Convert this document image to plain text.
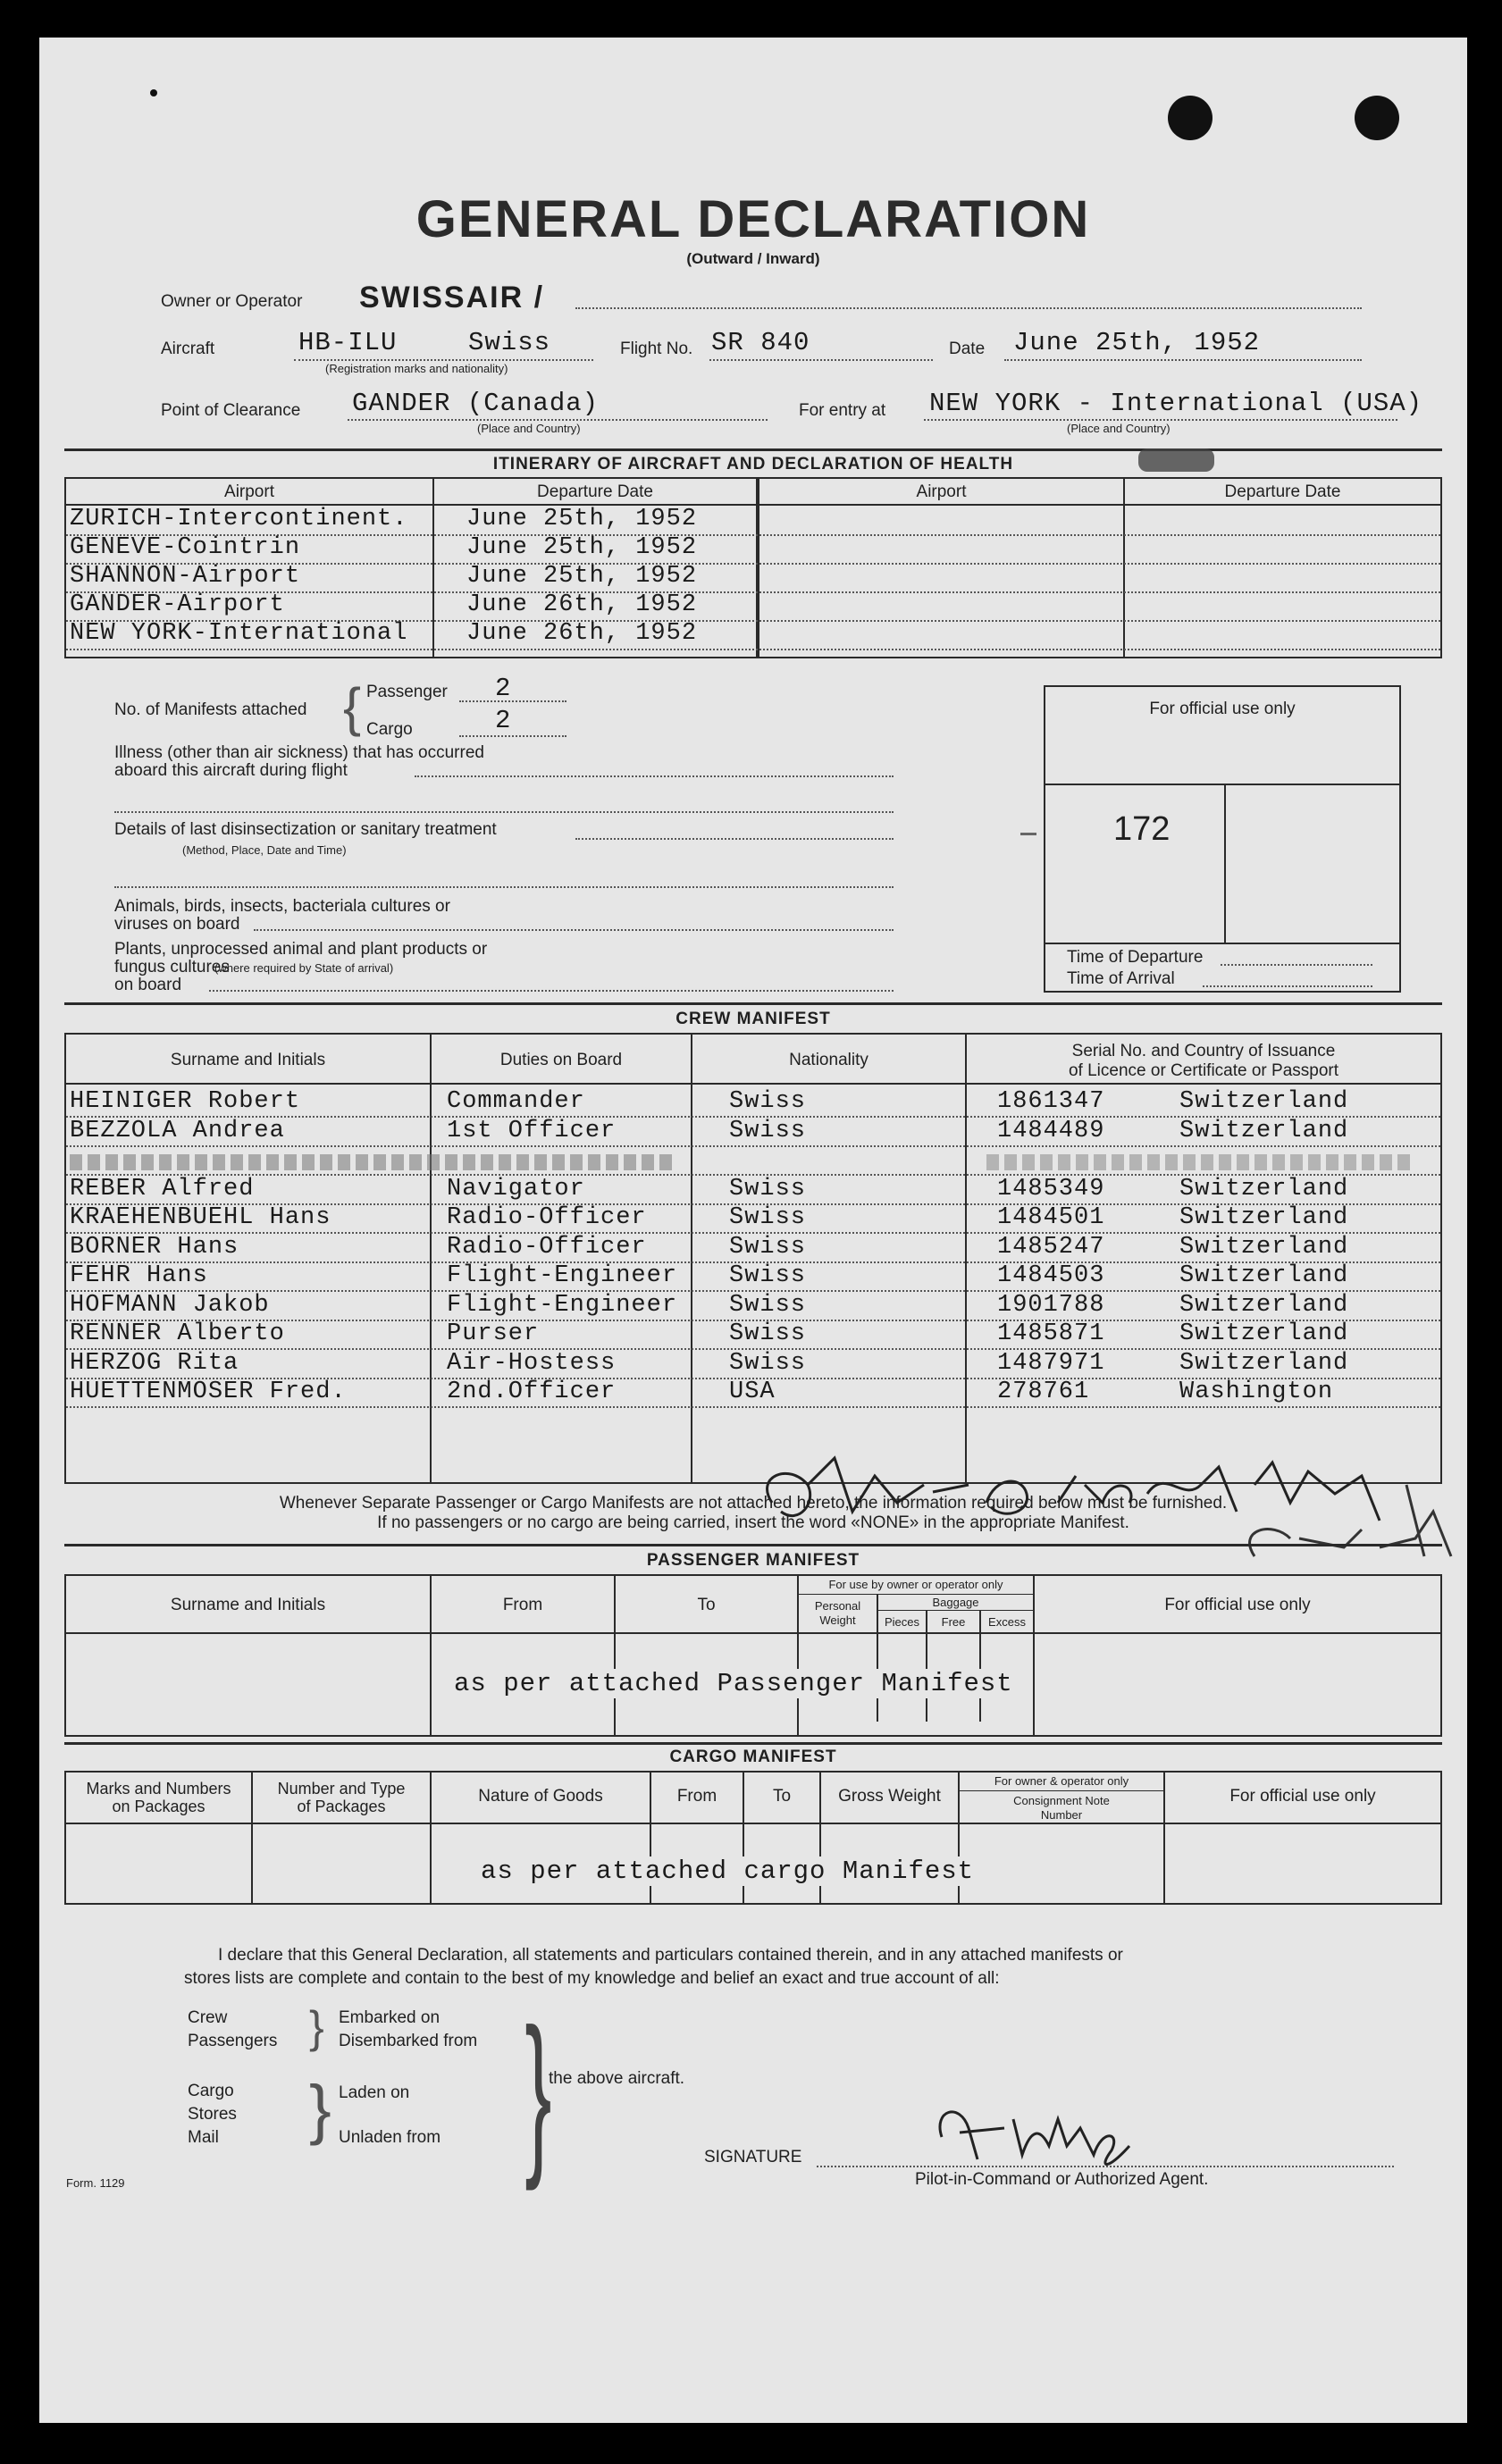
GENERAL DECLARATION
(Outward / Inward)
Owner or Operator SWISSAIR /
Aircraft	HB-ILU	Swiss
(Registration marks and nationality)
Flight No. SR 840	Date June 25th, 1952
Point of Clearance GANDER (Canada)
(Place and Country)
For entry at NEW YORK - International (USA)
(Place and Country)
ITINERARY OF AIRCRAFT AND DECLARATION OF HEALTH
Airport	Departure Date	Airport	Departure Date
ZURICH-Intercontinent. June 25th, 1952
GENEVE-Cointrin	June 25th, 1952
SHANNON-Airport	June 25th, 1952
GANDER-Airport	June 26th, 1952
NEW YORK-International June 26th, 1952
No. of Manifests attached { Passenger 2
Cargo	2
Illness (other than air sickness) that has occurred
aboard this aircraft during flight
Details of last disinsectization or sanitary treatment
(Method, Place, Date and Time)
Animals, birds, insects, bacteriala cultures or
viruses on board
Plants, unprocessed animal and plant products or
fungus cultures
(where required by State of arrival)
on board
For official use only
172
Time of Departure
Time of Arrival
CREW MANIFEST
Surname and Initials	Duties on Board	Nationality	Serial No. and Country of Issuance
of Licence or Certificate or Passport
HEINIGER Robert	Commander	Swiss	1861347	Switzerland
BEZZOLA Andrea	1st Officer	Swiss	1484489	Switzerland
REBER Alfred	Navigator	Swiss	1485349	Switzerland
KRAEHENBUEHL Hans	Radio-Officer	Swiss	1484501	Switzerland
BORNER Hans	Radio-Officer	Swiss	1485247	Switzerland
FEHR Hans	Flight-Engineer Swiss	1484503	Switzerland
HOFMANN Jakob	Flight-Engineer Swiss	1901788	Switzerland
RENNER Alberto	Purser	Swiss	1485871	Switzerland
HERZOG Rita	Air-Hostess	Swiss	1487971	Switzerland
HUETTENMOSER Fred.	2nd.Officer	USA	278761	Washington
Whenever Separate Passenger or Cargo Manifests are not attached hereto, the information required below must be furnished.
If no passengers or no cargo are being carried, insert the word «NONE» in the appropriate Manifest.
PASSENGER MANIFEST
Surname and Initials	From	To
For use by owner or operator only
Personal
Weight
Baggage
Pieces	Free	Excess
For official use only
as per attached Passenger Manifest
CARGO MANIFEST
Marks and Numbers
on Packages
Number and Type
of Packages
Nature of Goods	From	To	Gross Weight
For owner & operator only
Consignment Note
Number
For official use only
as per attached cargo Manifest
I declare that this General Declaration, all statements and particulars contained therein, and in any attached manifests or
stores lists are complete and contain to the best of my knowledge and belief an exact and true account of all:
Crew
Passengers } Embarked on
Disembarked from
Cargo
Stores
Mail } Laden on
Unladen from }
the above aircraft.
SIGNATURE
Pilot-in-Command or Authorized Agent.
Form. 1129
